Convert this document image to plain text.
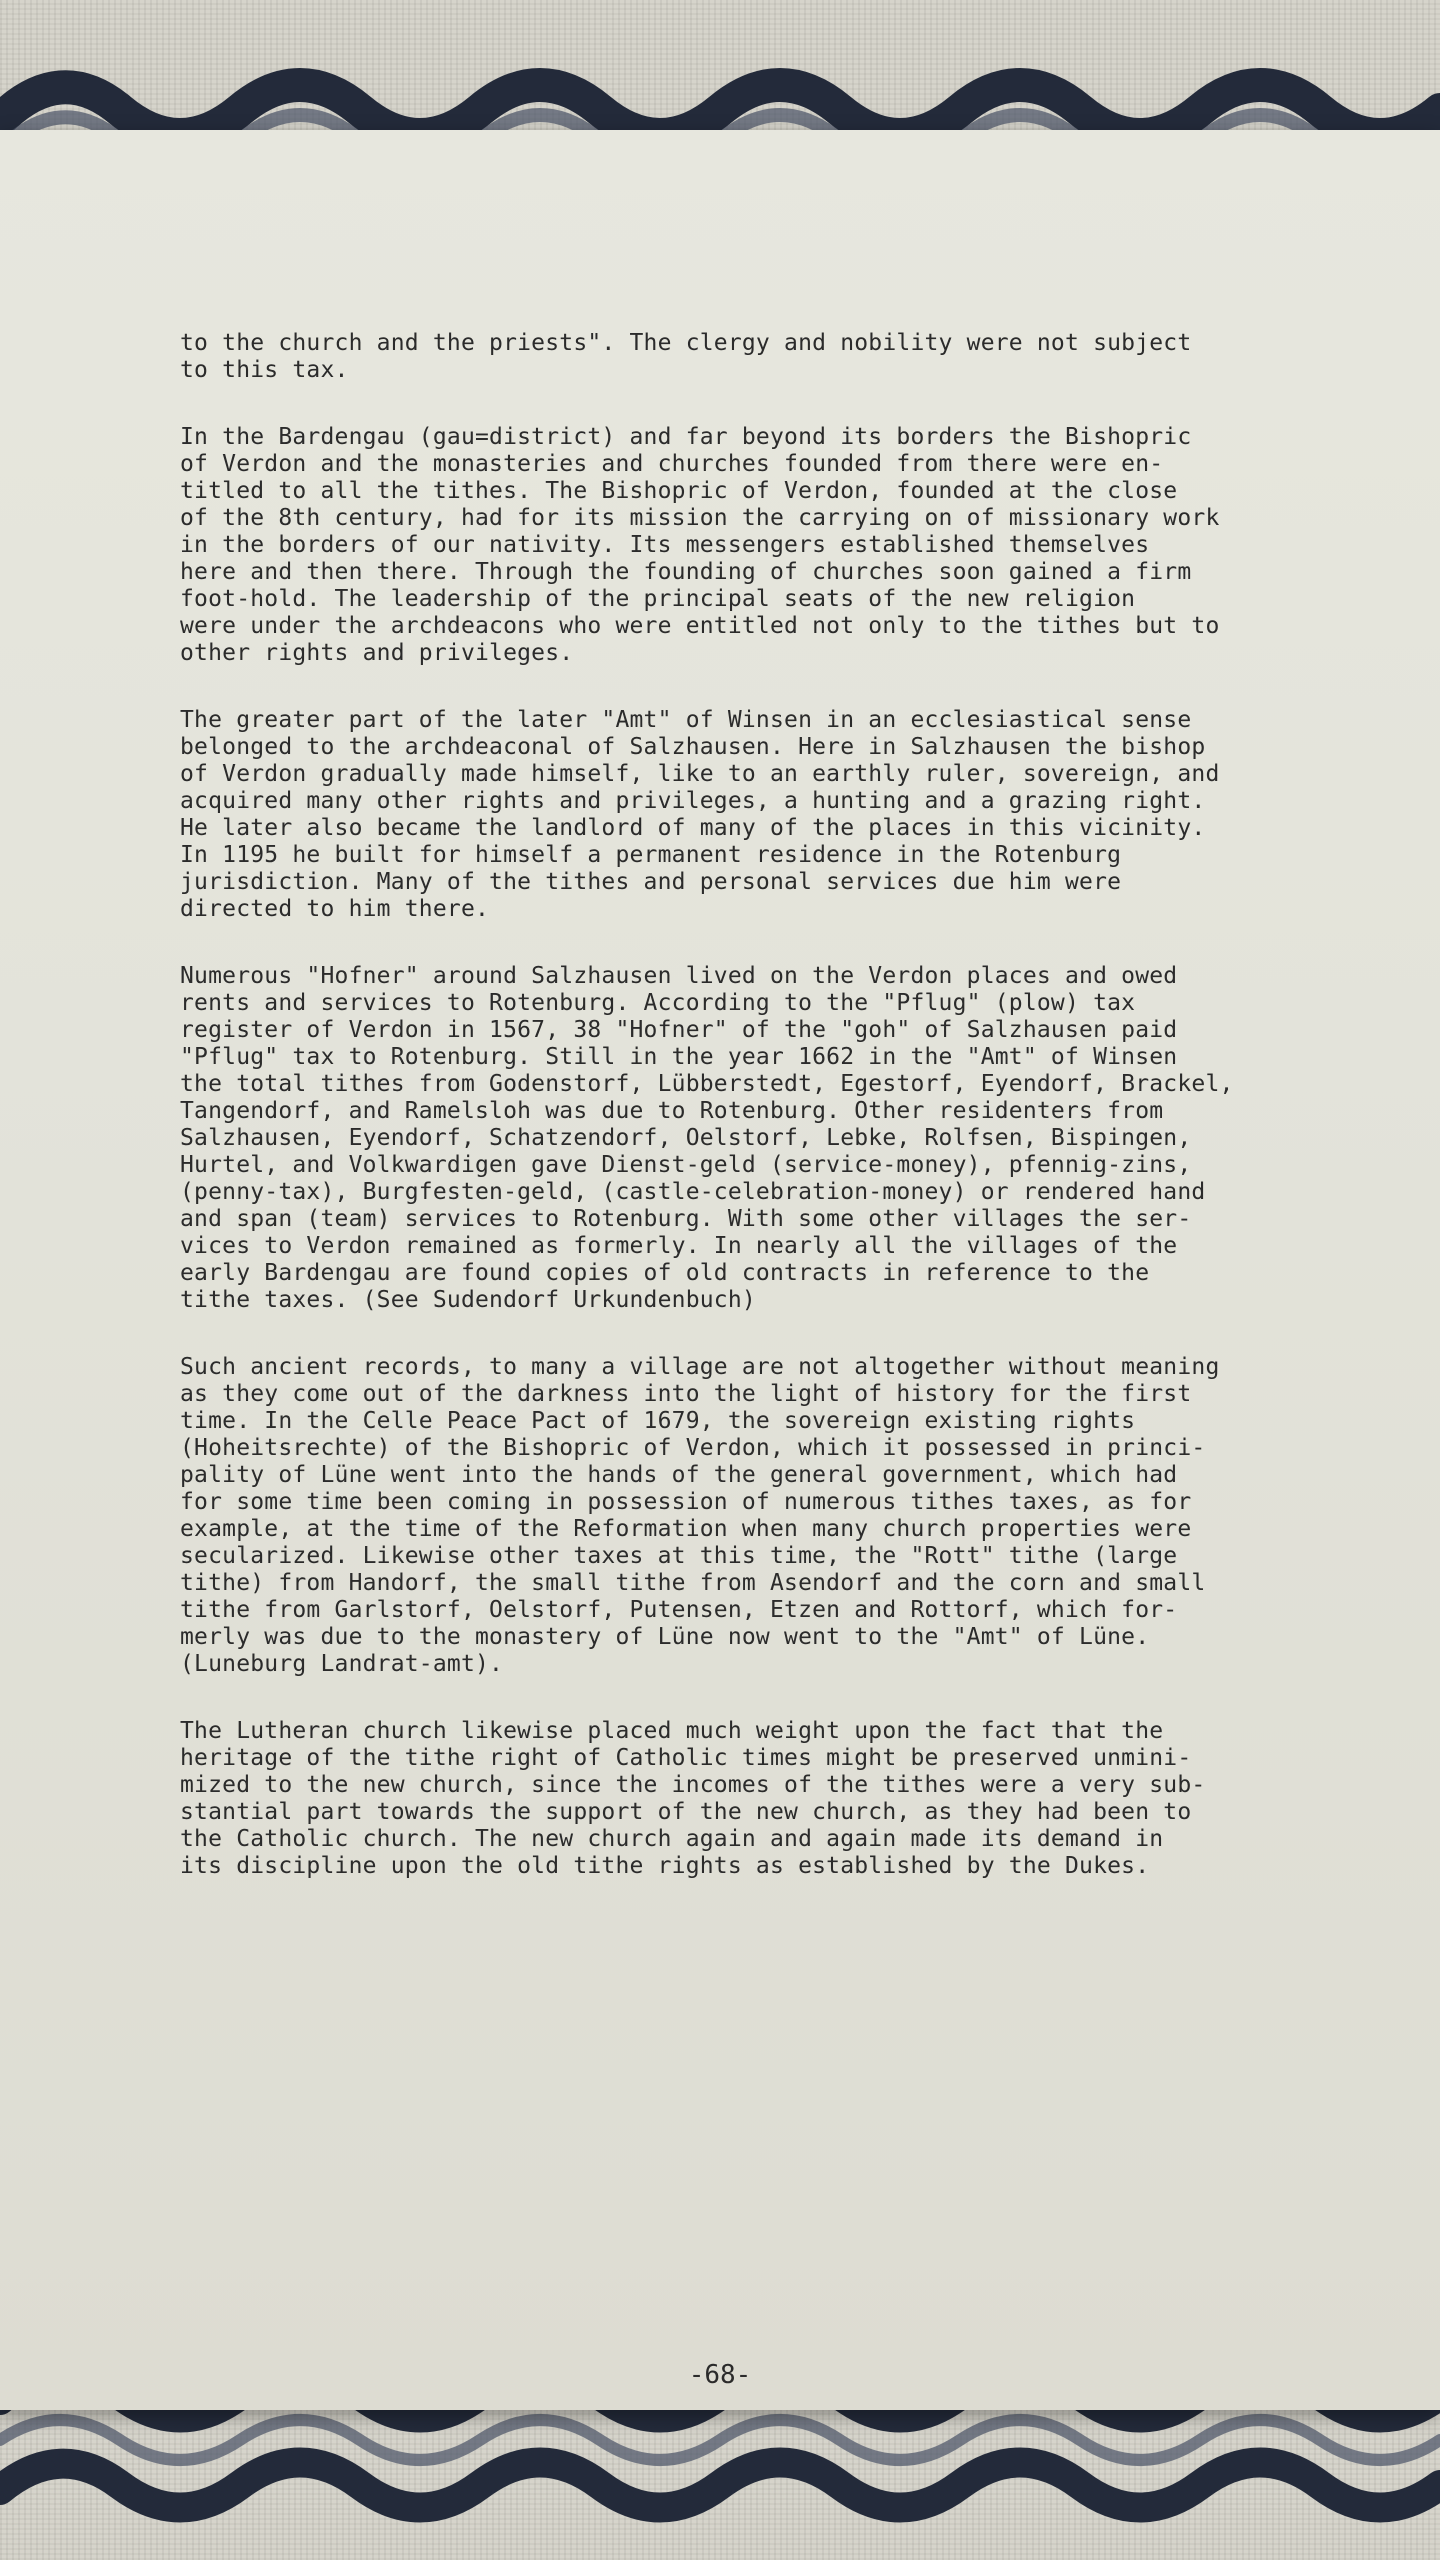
to the church and the priests". The clergy and nobility were not subject
to this tax.
In the Bardengau (gau=district) and far beyond its borders the Bishopric
of Verdon and the monasteries and churches founded from there were en-
titled to all the tithes. The Bishopric of Verdon, founded at the close
of the 8th century, had for its mission the carrying on of missionary work
in the borders of our nativity. Its messengers established themselves
here and then there. Through the founding of churches soon gained a firm
foot-hold. The leadership of the principal seats of the new religion
were under the archdeacons who were entitled not only to the tithes but to
other rights and privileges.
The greater part of the later "Amt" of Winsen in an ecclesiastical sense
belonged to the archdeaconal of Salzhausen. Here in Salzhausen the bishop
of Verdon gradually made himself, like to an earthly ruler, sovereign, and
acquired many other rights and privileges, a hunting and a grazing right.
He later also became the landlord of many of the places in this vicinity.
In 1195 he built for himself a permanent residence in the Rotenburg
jurisdiction. Many of the tithes and personal services due him were
directed to him there.
Numerous "Hofner" around Salzhausen lived on the Verdon places and owed
rents and services to Rotenburg. According to the "Pflug" (plow) tax
register of Verdon in 1567, 38 "Hofner" of the "goh" of Salzhausen paid
"Pflug" tax to Rotenburg. Still in the year 1662 in the "Amt" of Winsen
the total tithes from Godenstorf, Lübberstedt, Egestorf, Eyendorf, Brackel,
Tangendorf, and Ramelsloh was due to Rotenburg. Other residenters from
Salzhausen, Eyendorf, Schatzendorf, Oelstorf, Lebke, Rolfsen, Bispingen,
Hurtel, and Volkwardigen gave Dienst-geld (service-money), pfennig-zins,
(penny-tax), Burgfesten-geld, (castle-celebration-money) or rendered hand
and span (team) services to Rotenburg. With some other villages the ser-
vices to Verdon remained as formerly. In nearly all the villages of the
early Bardengau are found copies of old contracts in reference to the
tithe taxes. (See Sudendorf Urkundenbuch)
Such ancient records, to many a village are not altogether without meaning
as they come out of the darkness into the light of history for the first
time. In the Celle Peace Pact of 1679, the sovereign existing rights
(Hoheitsrechte) of the Bishopric of Verdon, which it possessed in princi-
pality of Lüne went into the hands of the general government, which had
for some time been coming in possession of numerous tithes taxes, as for
example, at the time of the Reformation when many church properties were
secularized. Likewise other taxes at this time, the "Rott" tithe (large
tithe) from Handorf, the small tithe from Asendorf and the corn and small
tithe from Garlstorf, Oelstorf, Putensen, Etzen and Rottorf, which for-
merly was due to the monastery of Lüne now went to the "Amt" of Lüne.
(Luneburg Landrat-amt).
The Lutheran church likewise placed much weight upon the fact that the
heritage of the tithe right of Catholic times might be preserved unmini-
mized to the new church, since the incomes of the tithes were a very sub-
stantial part towards the support of the new church, as they had been to
the Catholic church. The new church again and again made its demand in
its discipline upon the old tithe rights as established by the Dukes.
-68-
